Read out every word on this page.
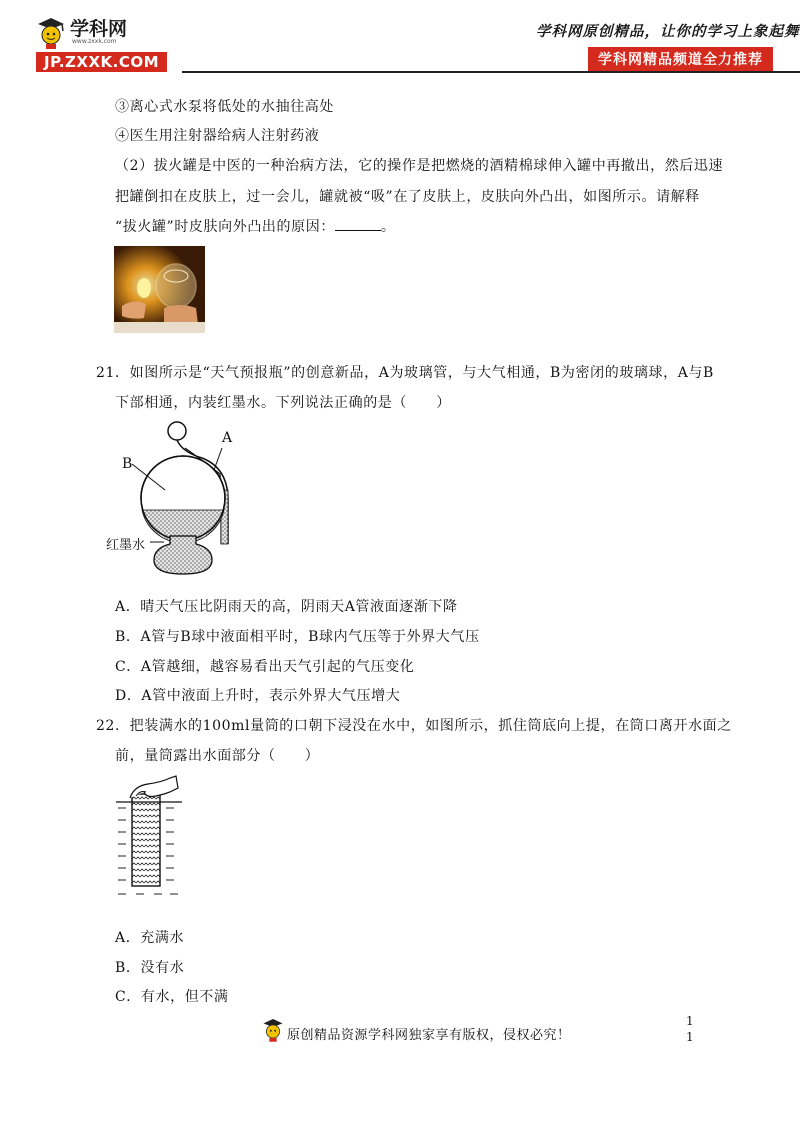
学科网
www.zxxk.com
JP.ZXXK.COM
学科网原创精品，让你的学习上象起舞
学科网精品频道全力推荐
③离心式水泵将低处的水抽往高处
④医生用注射器给病人注射药液
（2）拔火罐是中医的一种治病方法，它的操作是把燃烧的酒精棉球伸入罐中再撤出，然后迅速
把罐倒扣在皮肤上，过一会儿，罐就被“吸”在了皮肤上，皮肤向外凸出，如图所示。请解释
“拔火罐”时皮肤向外凸出的原因：	。
21．如图所示是“天气预报瓶”的创意新品，A为玻璃管，与大气相通，B为密闭的玻璃球，A与B
下部相通，内装红墨水。下列说法正确的是（　　）
A
B
红墨水
A．晴天气压比阴雨天的高，阴雨天A管液面逐渐下降
B．A管与B球中液面相平时，B球内气压等于外界大气压
C．A管越细，越容易看出天气引起的气压变化
D．A管中液面上升时，表示外界大气压增大
22．把装满水的100ml量筒的口朝下浸没在水中，如图所示，抓住筒底向上提，在筒口离开水面之
前，量筒露出水面部分（　　）
A．充满水
B．没有水
C．有水，但不满
原创精品资源学科网独家享有版权，侵权必究！
1
1
